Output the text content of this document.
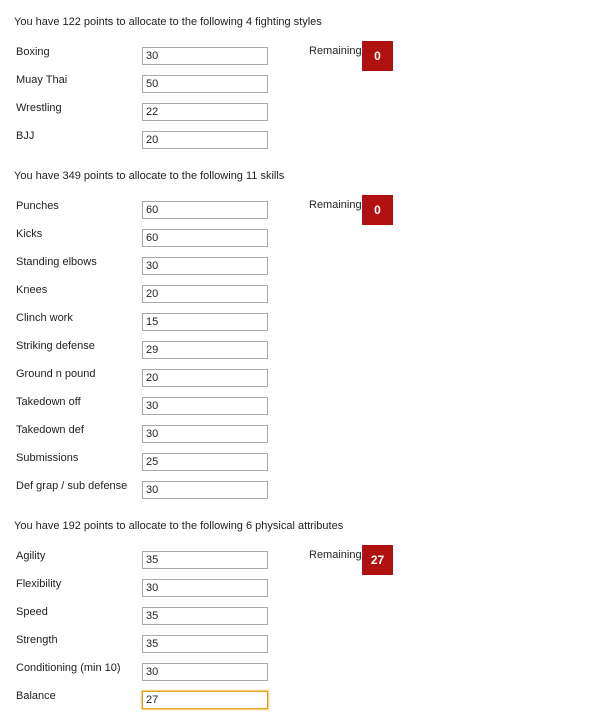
You have 122 points to allocate to the following 4 fighting styles
Remaining	0
Boxing
30
Muay Thai
50
Wrestling
22
BJJ
20
You have 349 points to allocate to the following 11 skills
Remaining	0
Punches
60
Kicks
60
Standing elbows
30
Knees
20
Clinch work
15
Striking defense
29
Ground n pound
20
Takedown off
30
Takedown def
30
Submissions
25
Def grap / sub defense
30
You have 192 points to allocate to the following 6 physical attributes
Remaining 27
Agility
35
Flexibility
30
Speed
35
Strength
35
Conditioning (min 10)
30
Balance
27
